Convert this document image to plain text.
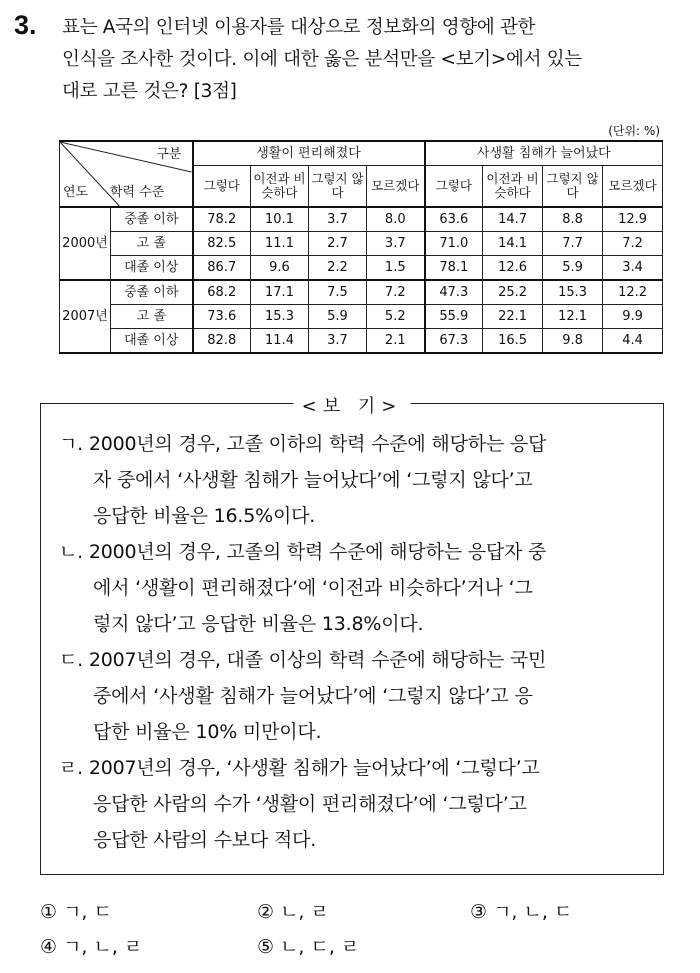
3. 표는 A국의 인터넷 이용자를 대상으로 정보화의 영향에 관한
인식을 조사한 것이다. 이에 대한 옳은 분석만을 <보기>에서 있는
대로 고른 것은? [3점]
(단위: %)
구분
연도 학력 수준		생활이 편리해졌다				사생활 침해가 늘어났다			
		그렇다	이전과 비슷하다	그렇지 않다	모르겠다	그렇다	이전과 비슷하다	그렇지 않다	모르겠다
2000년	중졸 이하	78.2	10.1	3.7	8.0	63.6	14.7	8.8	12.9
	고 졸	82.5	11.1	2.7	3.7	71.0	14.1	7.7	7.2
	대졸 이상	86.7	9.6	2.2	1.5	78.1	12.6	5.9	3.4
2007년	중졸 이하	68.2	17.1	7.5	7.2	47.3	25.2	15.3	12.2
	고 졸	73.6	15.3	5.9	5.2	55.9	22.1	12.1	9.9
	대졸 이상	82.8	11.4	3.7	2.1	67.3	16.5	9.8	4.4
<보 기>
ㄱ. 2000년의 경우, 고졸 이하의 학력 수준에 해당하는 응답
자 중에서 ‘사생활 침해가 늘어났다’에 ‘그렇지 않다’고
응답한 비율은 16.5%이다.
ㄴ. 2000년의 경우, 고졸의 학력 수준에 해당하는 응답자 중
에서 ‘생활이 편리해졌다’에 ‘이전과 비슷하다’거나 ‘그
렇지 않다’고 응답한 비율은 13.8%이다.
ㄷ. 2007년의 경우, 대졸 이상의 학력 수준에 해당하는 국민
중에서 ‘사생활 침해가 늘어났다’에 ‘그렇지 않다’고 응
답한 비율은 10% 미만이다.
ㄹ. 2007년의 경우, ‘사생활 침해가 늘어났다’에 ‘그렇다’고
응답한 사람의 수가 ‘생활이 편리해졌다’에 ‘그렇다’고
응답한 사람의 수보다 적다.
① ㄱ, ㄷ	② ㄴ, ㄹ	③ ㄱ, ㄴ, ㄷ
④ ㄱ, ㄴ, ㄹ	⑤ ㄴ, ㄷ, ㄹ
